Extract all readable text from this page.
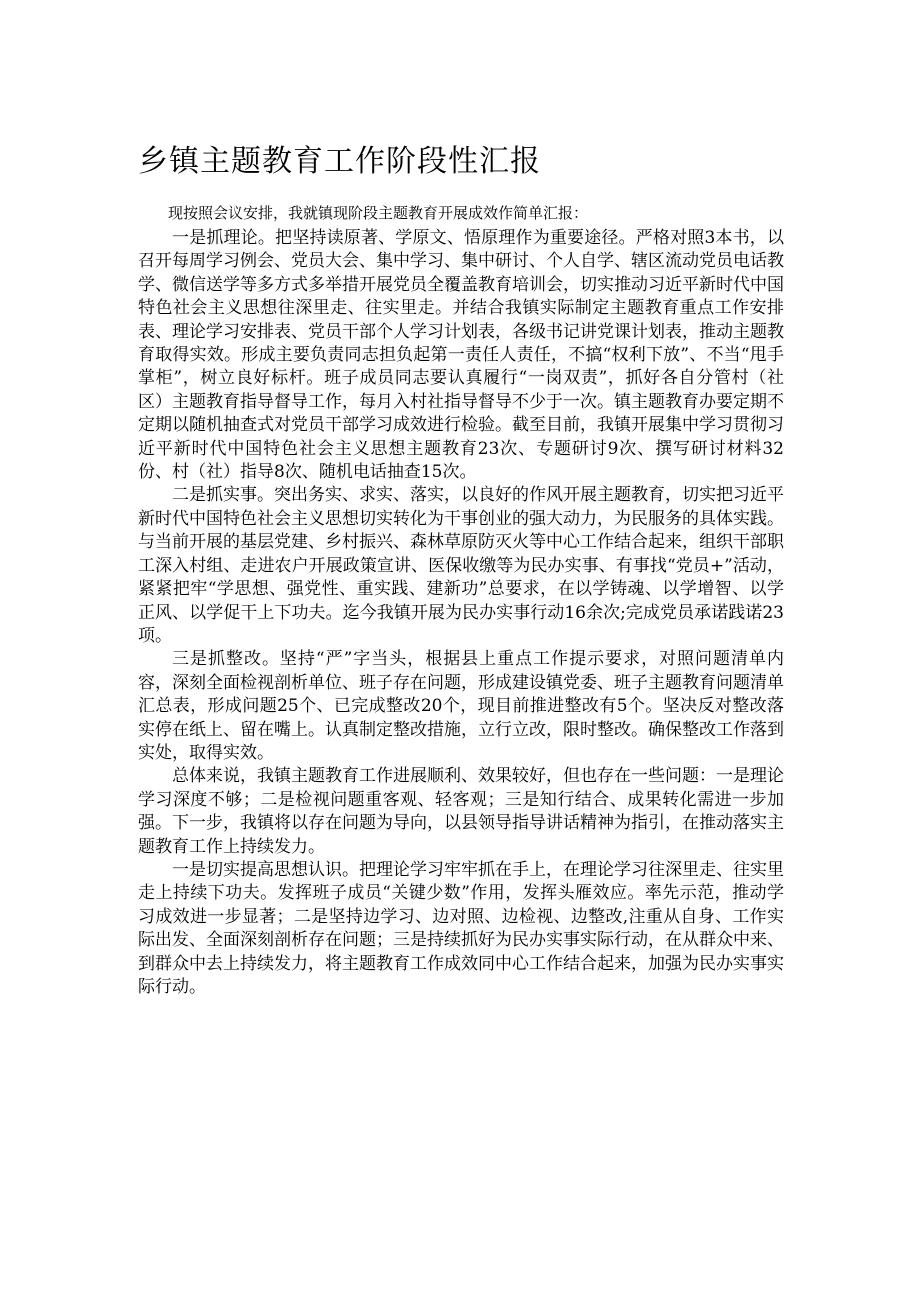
乡镇主题教育工作阶段性汇报

现按照会议安排，我就镇现阶段主题教育开展成效作简单汇报：

一是抓理论。把坚持读原著、学原文、悟原理作为重要途径。严格对照3本书，以召开每周学习例会、党员大会、集中学习、集中研讨、个人自学、辖区流动党员电话教学、微信送学等多方式多举措开展党员全覆盖教育培训会，切实推动习近平新时代中国特色社会主义思想往深里走、往实里走。并结合我镇实际制定主题教育重点工作安排表、理论学习安排表、党员干部个人学习计划表，各级书记讲党课计划表，推动主题教育取得实效。形成主要负责同志担负起第一责任人责任，不搞“权利下放”、不当“甩手掌柜”，树立良好标杆。班子成员同志要认真履行“一岗双责”，抓好各自分管村（社区）主题教育指导督导工作，每月入村社指导督导不少于一次。镇主题教育办要定期不定期以随机抽查式对党员干部学习成效进行检验。截至目前，我镇开展集中学习贯彻习近平新时代中国特色社会主义思想主题教育23次、专题研讨9次、撰写研讨材料32份、村（社）指导8次、随机电话抽查15次。

二是抓实事。突出务实、求实、落实，以良好的作风开展主题教育，切实把习近平新时代中国特色社会主义思想切实转化为干事创业的强大动力，为民服务的具体实践。与当前开展的基层党建、乡村振兴、森林草原防灭火等中心工作结合起来，组织干部职工深入村组、走进农户开展政策宣讲、医保收缴等为民办实事、有事找“党员+”活动，紧紧把牢“学思想、强党性、重实践、建新功”总要求，在以学铸魂、以学增智、以学正风、以学促干上下功夫。迄今我镇开展为民办实事行动16余次;完成党员承诺践诺23项。

三是抓整改。坚持“严”字当头，根据县上重点工作提示要求，对照问题清单内容，深刻全面检视剖析单位、班子存在问题，形成建设镇党委、班子主题教育问题清单汇总表，形成问题25个、已完成整改20个，现目前推进整改有5个。坚决反对整改落实停在纸上、留在嘴上。认真制定整改措施，立行立改，限时整改。确保整改工作落到实处，取得实效。

总体来说，我镇主题教育工作进展顺利、效果较好，但也存在一些问题：一是理论学习深度不够；二是检视问题重客观、轻客观；三是知行结合、成果转化需进一步加强。下一步，我镇将以存在问题为导向，以县领导指导讲话精神为指引，在推动落实主题教育工作上持续发力。

一是切实提高思想认识。把理论学习牢牢抓在手上，在理论学习往深里走、往实里走上持续下功夫。发挥班子成员“关键少数”作用，发挥头雁效应。率先示范，推动学习成效进一步显著；二是坚持边学习、边对照、边检视、边整改,注重从自身、工作实际出发、全面深刻剖析存在问题；三是持续抓好为民办实事实际行动，在从群众中来、到群众中去上持续发力，将主题教育工作成效同中心工作结合起来，加强为民办实事实际行动。
